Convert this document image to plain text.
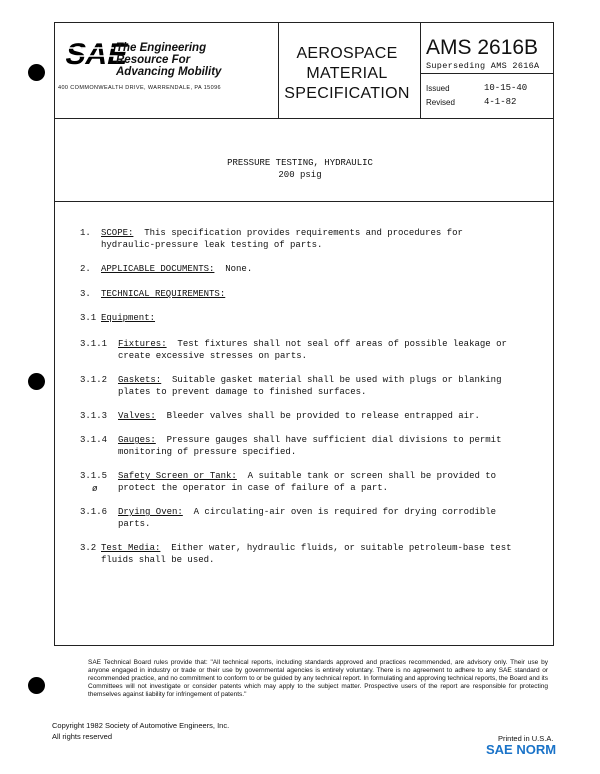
SAE
The Engineering
Resource For
Advancing Mobility
400 COMMONWEALTH DRIVE, WARRENDALE, PA 15096
AEROSPACE
MATERIAL
SPECIFICATION
AMS 2616B
Superseding AMS 2616A
Issued	10-15-40
Revised	4-1-82
PRESSURE TESTING, HYDRAULIC
200 psig
1. SCOPE: This specification provides requirements and procedures for
hydraulic-pressure leak testing of parts.
2. APPLICABLE DOCUMENTS: None.
3. TECHNICAL REQUIREMENTS:
3.1 Equipment:
3.1.1 Fixtures: Test fixtures shall not seal off areas of possible leakage or
create excessive stresses on parts.
3.1.2 Gaskets: Suitable gasket material shall be used with plugs or blanking
plates to prevent damage to finished surfaces.
3.1.3 Valves: Bleeder valves shall be provided to release entrapped air.
3.1.4 Gauges: Pressure gauges shall have sufficient dial divisions to permit
monitoring of pressure specified.
3.1.5 Safety Screen or Tank: A suitable tank or screen shall be provided to
protect the operator in case of failure of a part.
ø
3.1.6 Drying Oven: A circulating-air oven is required for drying corrodible
parts.
3.2 Test Media: Either water, hydraulic fluids, or suitable petroleum-base test
fluids shall be used.
SAE Technical Board rules provide that: "All technical reports, including standards approved and practices recommended, are advisory only. Their use by anyone engaged in industry or trade or their use by governmental agencies is entirely voluntary. There is no agreement to adhere to any SAE standard or recommended practice, and no commitment to conform to or be guided by any technical report. In formulating and approving technical reports, the Board and its Committees will not investigate or consider patents which may apply to the subject matter. Prospective users of the report are responsible for protecting themselves against liability for infringement of patents."
Copyright 1982 Society of Automotive Engineers, Inc.
All rights reserved	Printed in U.S.A.
SAE NORM
